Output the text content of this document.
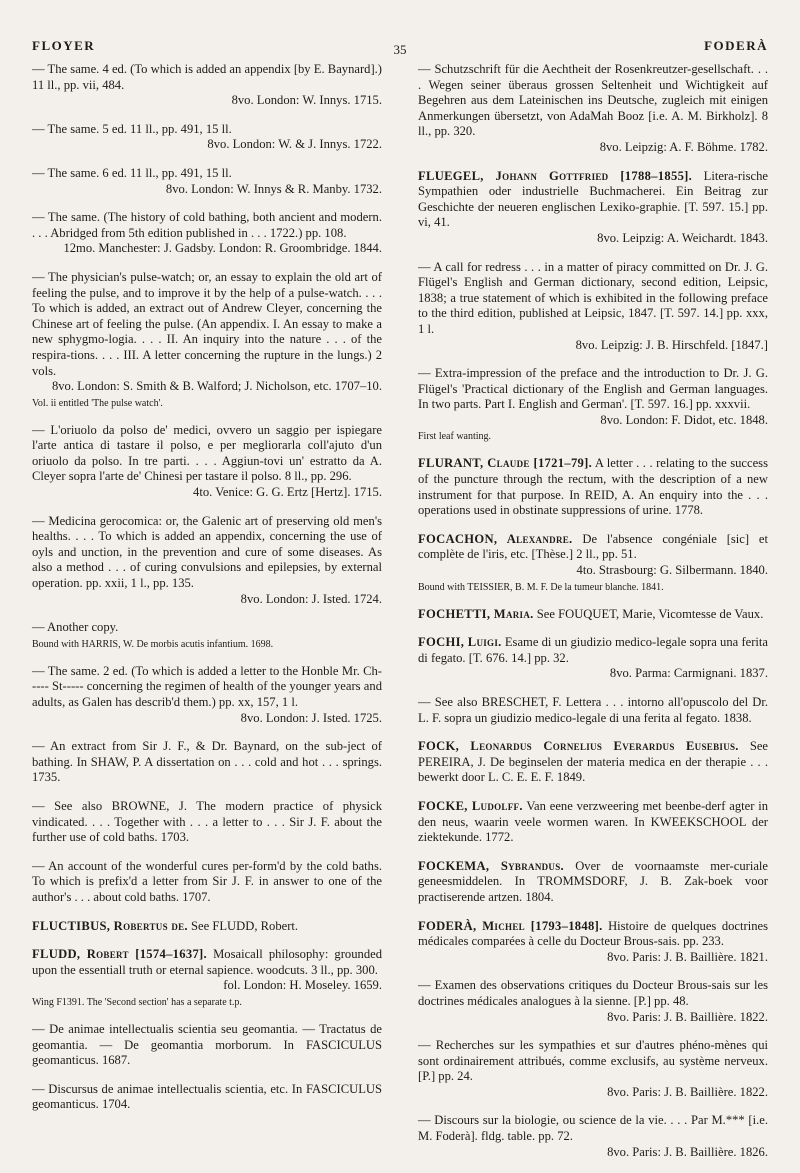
FLOYER	35	FODERÀ
— The same. 4 ed. (To which is added an appendix [by E. Baynard].) 11 ll., pp. vii, 484.
8vo. London: W. Innys. 1715.
— The same. 5 ed. 11 ll., pp. 491, 15 ll.
8vo. London: W. & J. Innys. 1722.
— The same. 6 ed. 11 ll., pp. 491, 15 ll.
8vo. London: W. Innys & R. Manby. 1732.
— The same. (The history of cold bathing, both ancient and modern. . . . Abridged from 5th edition published in . . . 1722.) pp. 108.
12mo. Manchester: J. Gadsby. London: R. Groombridge. 1844.
— The physician's pulse-watch; or, an essay to explain the old art of feeling the pulse, and to improve it by the help of a pulse-watch. . . . To which is added, an extract out of Andrew Cleyer, concerning the Chinese art of feeling the pulse. (An appendix. I. An essay to make a new sphygmo-logia. . . . II. An inquiry into the nature . . . of the respira-tions. . . . III. A letter concerning the rupture in the lungs.) 2 vols.
8vo. London: S. Smith & B. Walford; J. Nicholson, etc. 1707–10.
Vol. ii entitled 'The pulse watch'.
— L'oriuolo da polso de' medici, ovvero un saggio per ispiegare l'arte antica di tastare il polso, e per megliorarla coll'ajuto d'un oriuolo da polso. In tre parti. . . . Aggiun-tovi un' estratto da A. Cleyer sopra l'arte de' Chinesi per tastare il polso. 8 ll., pp. 296.
4to. Venice: G. G. Ertz [Hertz]. 1715.
— Medicina gerocomica: or, the Galenic art of preserving old men's healths. . . . To which is added an appendix, concerning the use of oyls and unction, in the prevention and cure of some diseases. As also a method . . . of curing convulsions and epilepsies, by external operation. pp. xxii, 1 l., pp. 135.
8vo. London: J. Isted. 1724.
— Another copy.
Bound with HARRIS, W. De morbis acutis infantium. 1698.
— The same. 2 ed. (To which is added a letter to the Honble Mr. Ch----- St----- concerning the regimen of health of the younger years and adults, as Galen has describ'd them.) pp. xx, 157, 1 l.
8vo. London: J. Isted. 1725.
— An extract from Sir J. F., & Dr. Baynard, on the sub-ject of bathing. In SHAW, P. A dissertation on . . . cold and hot . . . springs. 1735.
— See also BROWNE, J. The modern practice of physick vindicated. . . . Together with . . . a letter to . . . Sir J. F. about the further use of cold baths. 1703.
— An account of the wonderful cures per-form'd by the cold baths. To which is prefix'd a letter from Sir J. F. in answer to one of the author's . . . about cold baths. 1707.
FLUCTIBUS, Robertus de. See FLUDD, Robert.
FLUDD, Robert [1574–1637]. Mosaicall philosophy: grounded upon the essentiall truth or eternal sapience. woodcuts. 3 ll., pp. 300.
fol. London: H. Moseley. 1659.
Wing F1391. The 'Second section' has a separate t.p.
— De animae intellectualis scientia seu geomantia. — Tractatus de geomantia. — De geomantia morborum. In FASCICULUS geomanticus. 1687.
— Discursus de animae intellectualis scientia, etc. In FASCICULUS geomanticus. 1704.
— Schutzschrift für die Aechtheit der Rosenkreutzer-gesellschaft. . . . Wegen seiner überaus grossen Seltenheit und Wichtigkeit auf Begehren aus dem Lateinischen ins Deutsche, zugleich mit einigen Anmerkungen übersetzt, von AdaMah Booz [i.e. A. M. Birkholz]. 8 ll., pp. 320.
8vo. Leipzig: A. F. Böhme. 1782.
FLUEGEL, Johann Gottfried [1788–1855]. Litera-rische Sympathien oder industrielle Buchmacherei. Ein Beitrag zur Geschichte der neueren englischen Lexiko-graphie. [T. 597. 15.] pp. vi, 41.
8vo. Leipzig: A. Weichardt. 1843.
— A call for redress . . . in a matter of piracy committed on Dr. J. G. Flügel's English and German dictionary, second edition, Leipsic, 1838; a true statement of which is exhibited in the following preface to the third edition, published at Leipsic, 1847. [T. 597. 14.] pp. xxx, 1 l.
8vo. Leipzig: J. B. Hirschfeld. [1847.]
— Extra-impression of the preface and the introduction to Dr. J. G. Flügel's 'Practical dictionary of the English and German languages. In two parts. Part I. English and German'. [T. 597. 16.] pp. xxxvii.
8vo. London: F. Didot, etc. 1848.
First leaf wanting.
FLURANT, Claude [1721–79]. A letter . . . relating to the success of the puncture through the rectum, with the description of a new instrument for that purpose. In REID, A. An enquiry into the . . . operations used in obstinate suppressions of urine. 1778.
FOCACHON, Alexandre. De l'absence congéniale [sic] et complète de l'iris, etc. [Thèse.] 2 ll., pp. 51.
4to. Strasbourg: G. Silbermann. 1840.
Bound with TEISSIER, B. M. F. De la tumeur blanche. 1841.
FOCHETTI, Maria. See FOUQUET, Marie, Vicomtesse de Vaux.
FOCHI, Luigi. Esame di un giudizio medico-legale sopra una ferita di fegato. [T. 676. 14.] pp. 32.
8vo. Parma: Carmignani. 1837.
— See also BRESCHET, F. Lettera . . . intorno all'opuscolo del Dr. L. F. sopra un giudizio medico-legale di una ferita al fegato. 1838.
FOCK, Leonardus Cornelius Everardus Eusebius. See PEREIRA, J. De beginselen der materia medica en der therapie . . . bewerkt door L. C. E. E. F. 1849.
FOCKE, Ludolff. Van eene verzweering met beenbe-derf agter in den neus, waarin veele wormen waren. In KWEEKSCHOOL der ziektekunde. 1772.
FOCKEMA, Sybrandus. Over de voornaamste mer-curiale geneesmiddelen. In TROMMSDORF, J. B. Zak-boek voor practiserende artzen. 1804.
FODERÀ, Michel [1793–1848]. Histoire de quelques doctrines médicales comparées à celle du Docteur Brous-sais. pp. 233.
8vo. Paris: J. B. Baillière. 1821.
— Examen des observations critiques du Docteur Brous-sais sur les doctrines médicales analogues à la sienne. [P.] pp. 48.
8vo. Paris: J. B. Baillière. 1822.
— Recherches sur les sympathies et sur d'autres phéno-mènes qui sont ordinairement attribués, comme exclusifs, au système nerveux. [P.] pp. 24.
8vo. Paris: J. B. Baillière. 1822.
— Discours sur la biologie, ou science de la vie. . . . Par M.*** [i.e. M. Foderà]. fldg. table. pp. 72.
8vo. Paris: J. B. Baillière. 1826.
